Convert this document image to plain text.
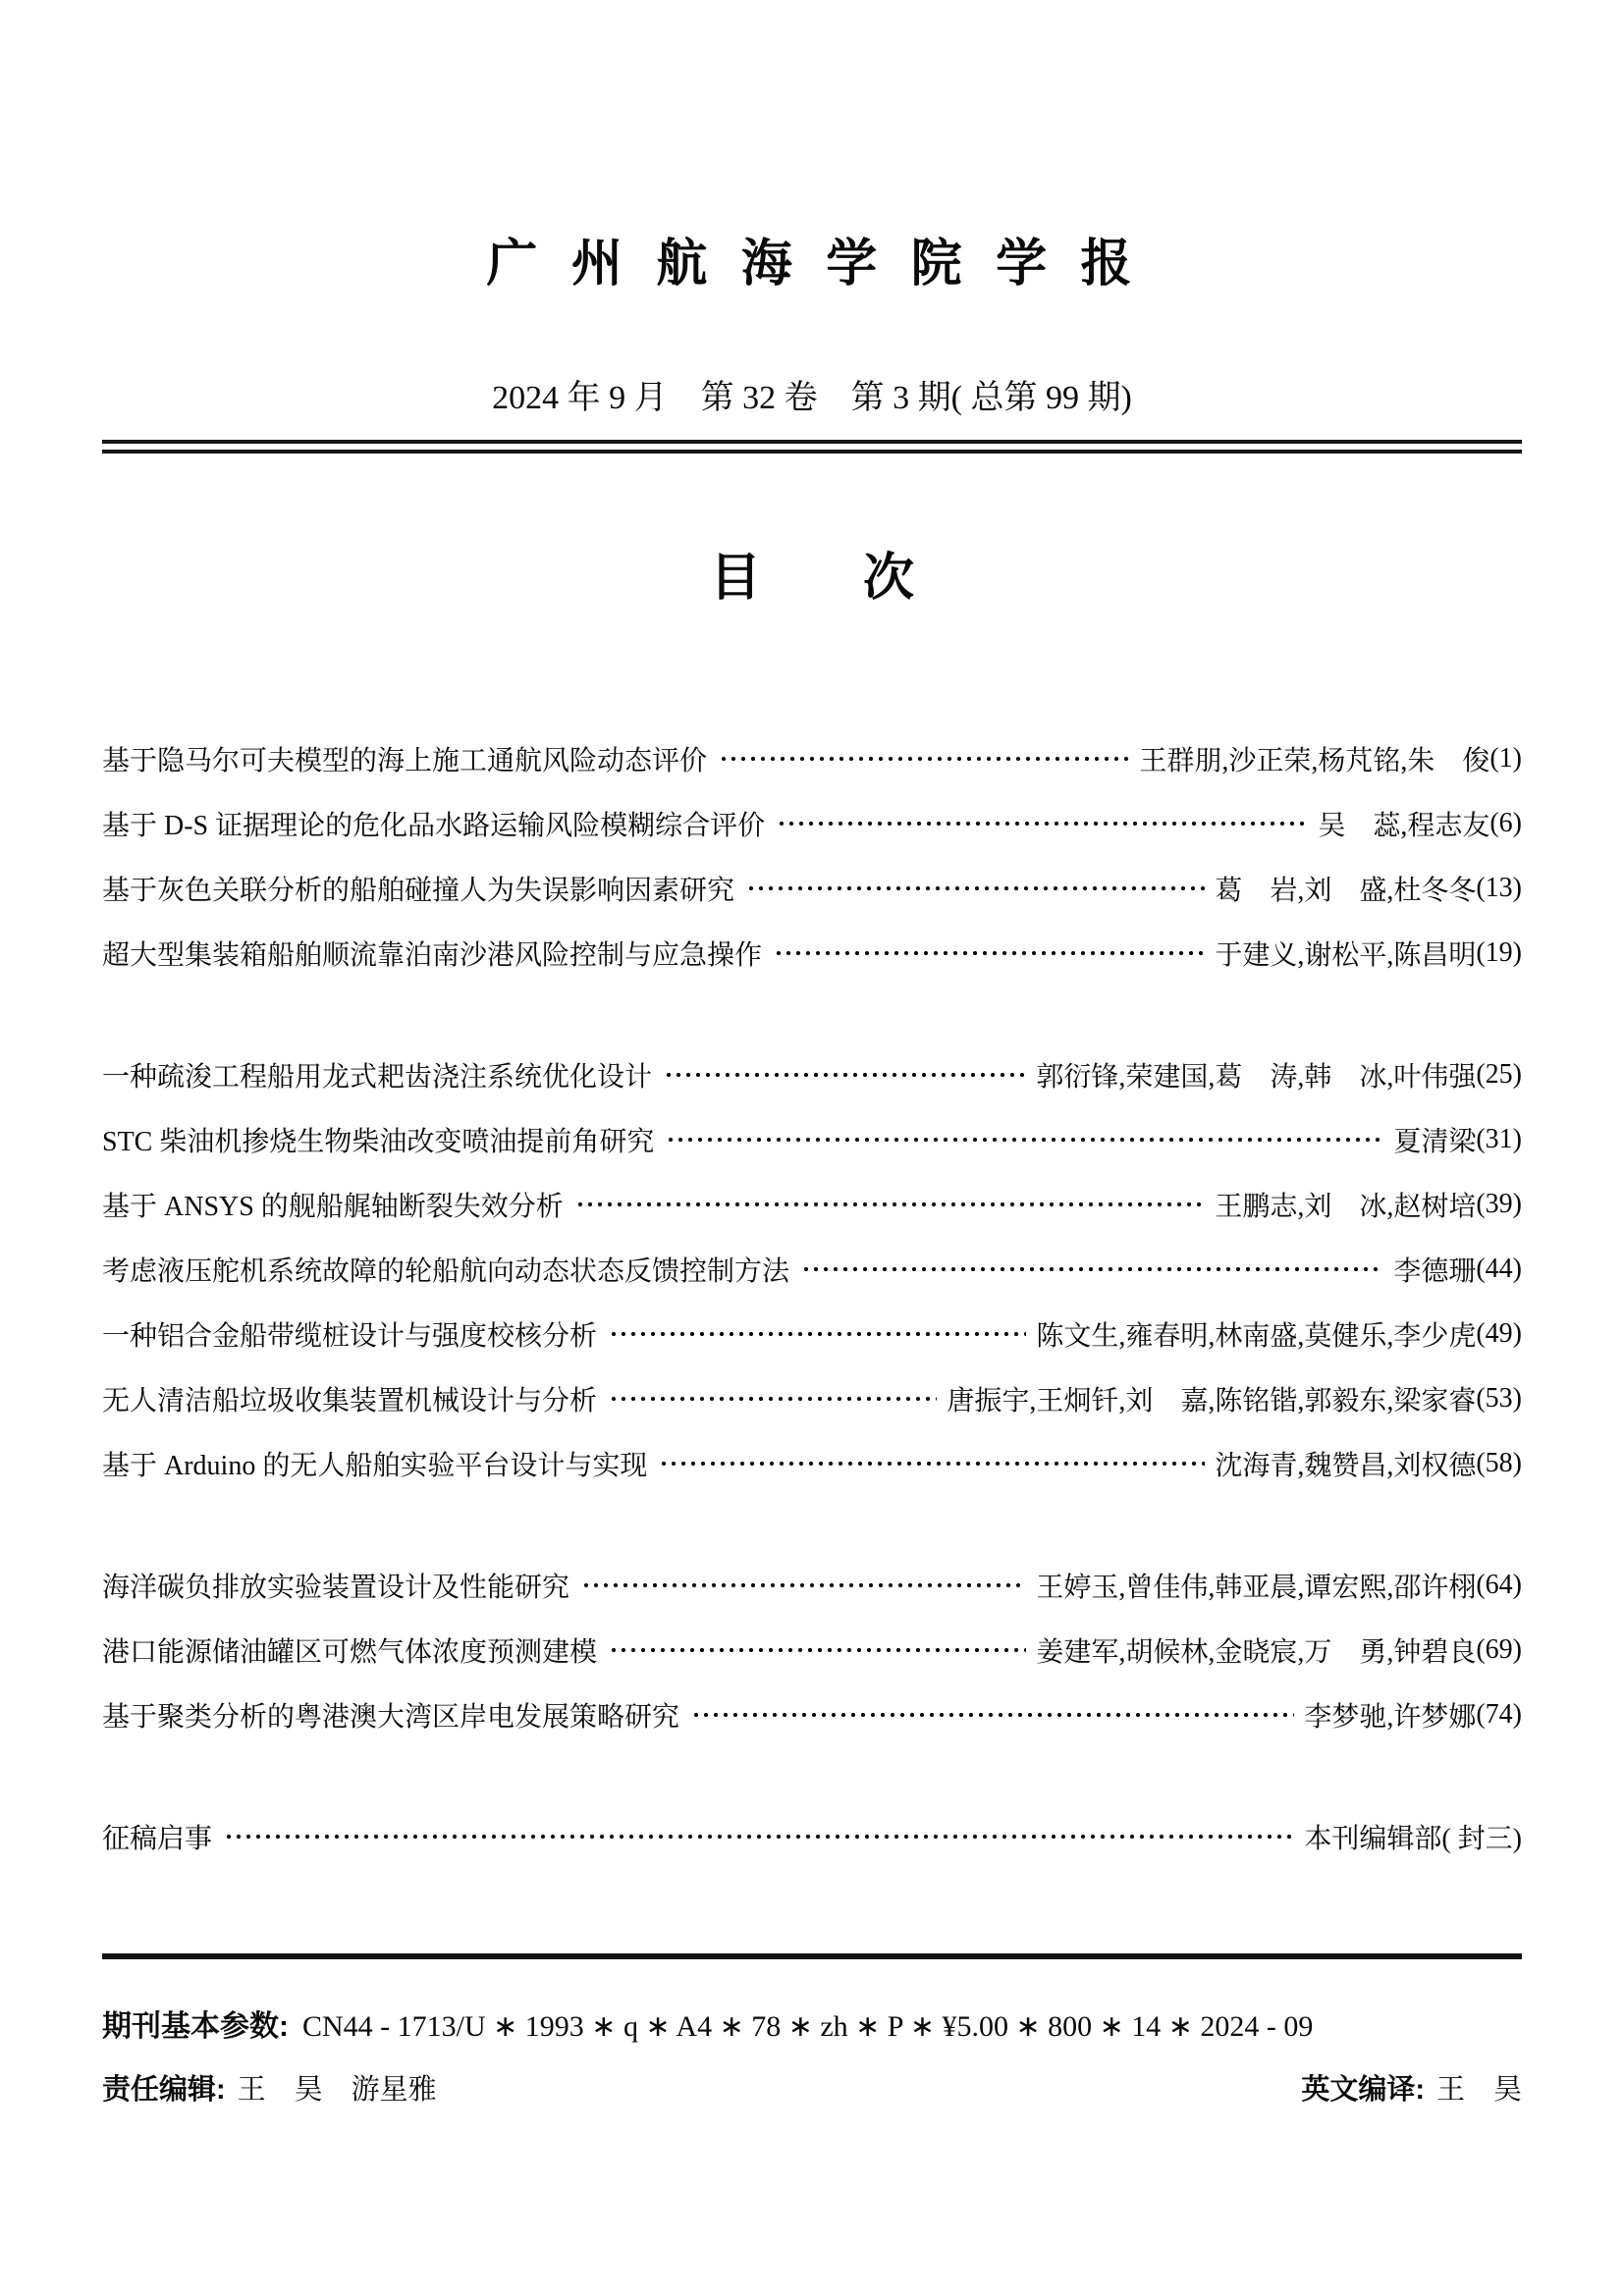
广 州 航 海 学 院 学 报
2024 年 9 月　第 32 卷　第 3 期( 总第 99 期)
目　　次
基于隐马尔可夫模型的海上施工通航风险动态评价	王群朋,沙正荣,杨芃铭,朱　俊 (1)
基于 D-S 证据理论的危化品水路运输风险模糊综合评价	吴　蕊,程志友 (6)
基于灰色关联分析的船舶碰撞人为失误影响因素研究	葛　岩,刘　盛,杜冬冬 (13)
超大型集装箱船舶顺流靠泊南沙港风险控制与应急操作	于建义,谢松平,陈昌明 (19)
一种疏浚工程船用龙式耙齿浇注系统优化设计	郭衍锋,荣建国,葛　涛,韩　冰,叶伟强 (25)
STC 柴油机掺烧生物柴油改变喷油提前角研究	夏清梁 (31)
基于 ANSYS 的舰船艉轴断裂失效分析	王鹏志,刘　冰,赵树培 (39)
考虑液压舵机系统故障的轮船航向动态状态反馈控制方法	李德珊 (44)
一种铝合金船带缆桩设计与强度校核分析	陈文生,雍春明,林南盛,莫健乐,李少虎 (49)
无人清洁船垃圾收集装置机械设计与分析	唐振宇,王炯钎,刘　嘉,陈铭锴,郭毅东,梁家睿 (53)
基于 Arduino 的无人船舶实验平台设计与实现	沈海青,魏赞昌,刘权德 (58)
海洋碳负排放实验装置设计及性能研究	王婷玉,曾佳伟,韩亚晨,谭宏熙,邵许栩 (64)
港口能源储油罐区可燃气体浓度预测建模	姜建军,胡候林,金晓宸,万　勇,钟碧良 (69)
基于聚类分析的粤港澳大湾区岸电发展策略研究	李梦驰,许梦娜 (74)
征稿启事	本刊编辑部 ( 封三)
期刊基本参数: CN44 - 1713/U ∗ 1993 ∗ q ∗ A4 ∗ 78 ∗ zh ∗ P ∗ ¥5.00 ∗ 800 ∗ 14 ∗ 2024 - 09
责任编辑: 王　昊　游星雅	英文编译: 王　昊
